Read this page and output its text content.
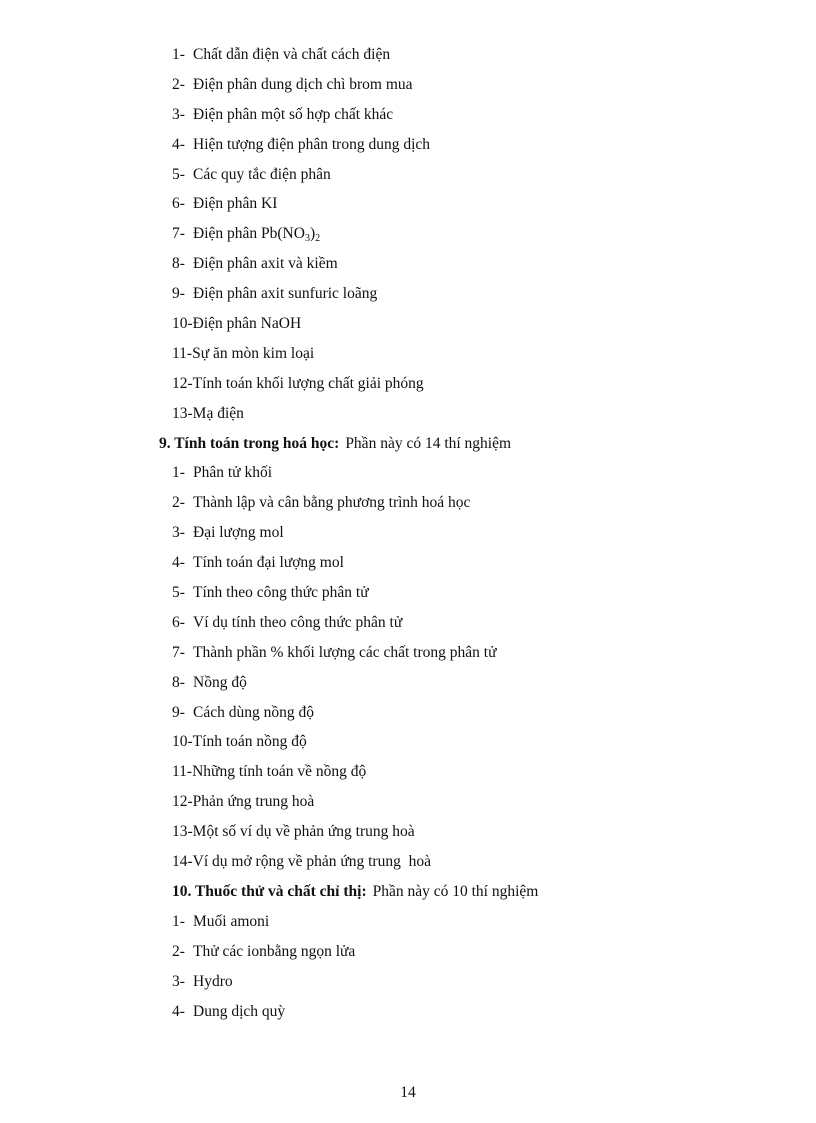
1- Chất dẫn điện và chất cách điện
2- Điện phân dung dịch chì brom mua
3- Điện phân một số hợp chất khác
4- Hiện tượng điện phân trong dung dịch
5- Các quy tắc điện phân
6- Điện phân KI
7- Điện phân $Pb(NO_3)_2$
8- Điện phân axit và kiềm
9- Điện phân axit sunfuric loãng
10-Điện phân NaOH
11-Sự ăn mòn kim loại
12-Tính toán khối lượng chất giải phóng
13-Mạ điện
9. Tính toán trong hoá học: Phần này có 14 thí nghiệm
1- Phân tử khối
2- Thành lập và cân bằng phương trình hoá học
3- Đại lượng mol
4- Tính toán đại lượng mol
5- Tính theo công thức phân tử
6- Ví dụ tính theo công thức phân tử
7- Thành phần % khối lượng các chất trong phân tử
8- Nồng độ
9- Cách dùng nồng độ
10-Tính toán nồng độ
11-Những tính toán về nồng độ
12-Phản ứng trung hoà
13-Một số ví dụ về phản ứng trung hoà
14-Ví dụ mở rộng về phản ứng trung  hoà
10. Thuốc thử và chất chỉ thị: Phần này có 10 thí nghiệm
1- Muối amoni
2- Thử các ionbằng ngọn lửa
3- Hydro
4- Dung dịch quỳ
14
